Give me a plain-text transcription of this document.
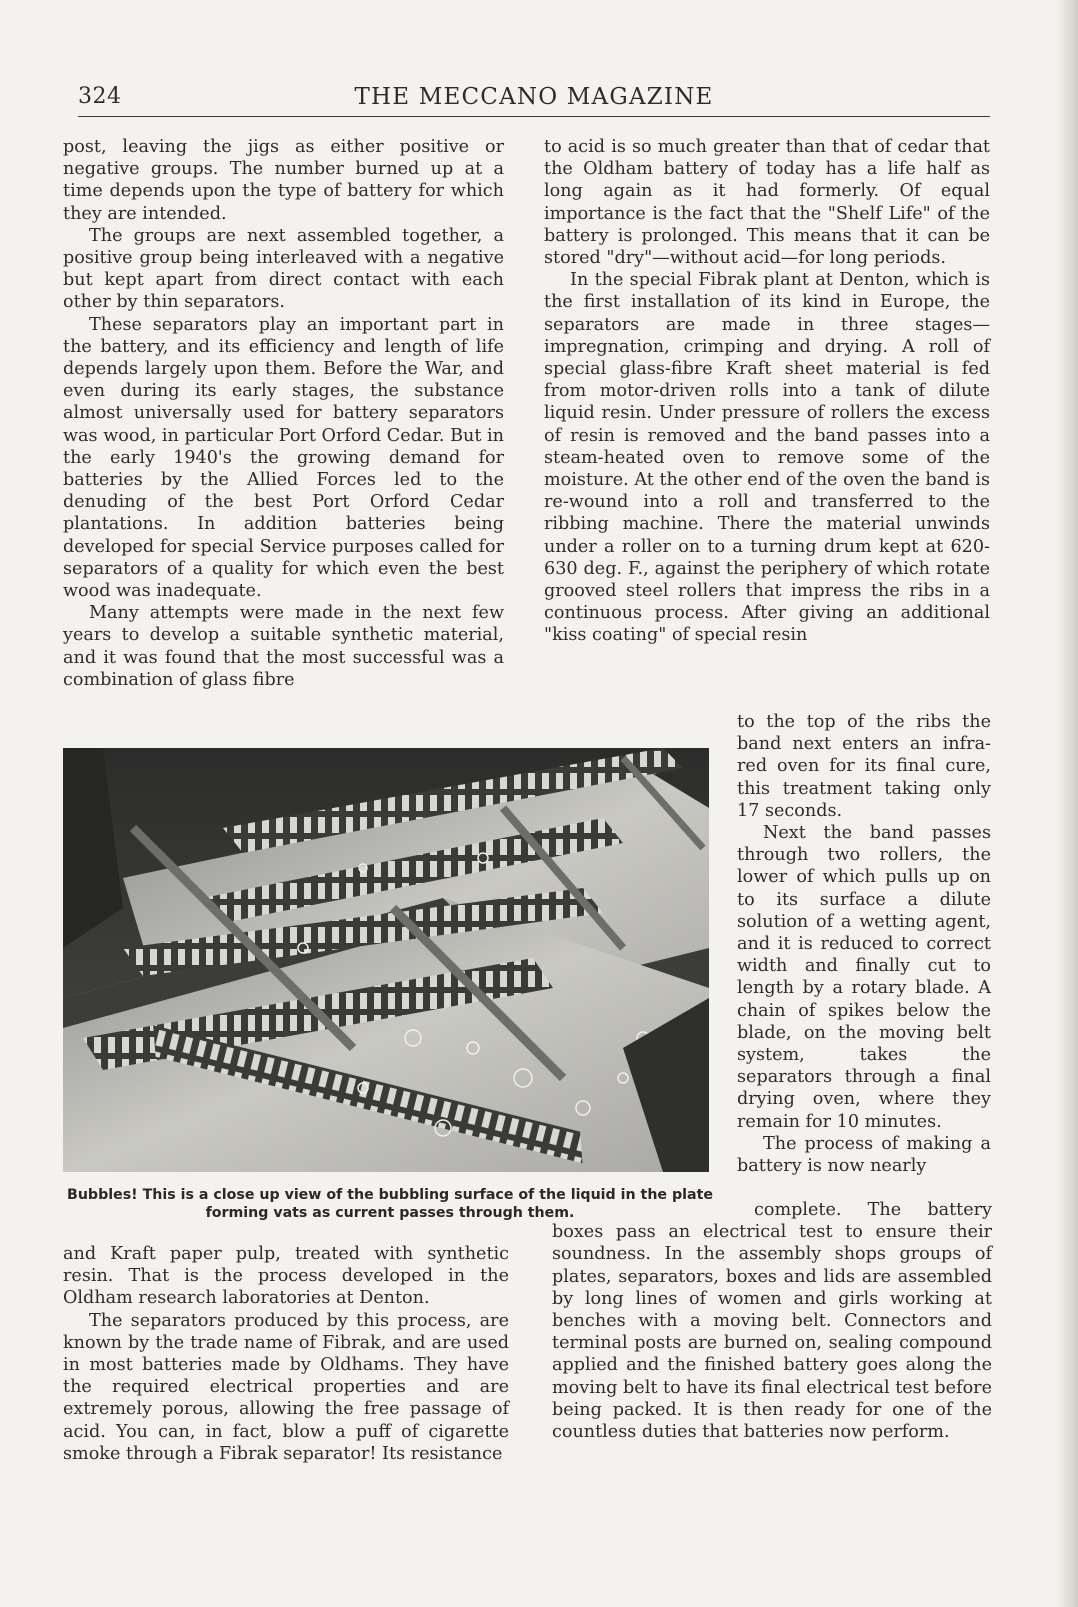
324	THE MECCANO MAGAZINE

post, leaving the jigs as either positive or negative groups. The number burned up at a time depends upon the type of battery for which they are intended.

The groups are next assembled together, a positive group being interleaved with a negative but kept apart from direct contact with each other by thin separators.

These separators play an important part in the battery, and its efficiency and length of life depends largely upon them. Before the War, and even during its early stages, the substance almost universally used for battery separators was wood, in particular Port Orford Cedar. But in the early 1940's the growing demand for batteries by the Allied Forces led to the denuding of the best Port Orford Cedar plantations. In addition batteries being developed for special Service purposes called for separators of a quality for which even the best wood was inadequate.

Many attempts were made in the next few years to develop a suitable synthetic material, and it was found that the most successful was a combination of glass fibre

to acid is so much greater than that of cedar that the Oldham battery of today has a life half as long again as it had formerly. Of equal importance is the fact that the "Shelf Life" of the battery is prolonged. This means that it can be stored "dry"—without acid—for long periods.

In the special Fibrak plant at Denton, which is the first installation of its kind in Europe, the separators are made in three stages—impregnation, crimping and drying. A roll of special glass-fibre Kraft sheet material is fed from motor-driven rolls into a tank of dilute liquid resin. Under pressure of rollers the excess of resin is removed and the band passes into a steam-heated oven to remove some of the moisture. At the other end of the oven the band is re-wound into a roll and transferred to the ribbing machine. There the material unwinds under a roller on to a turning drum kept at 620-630 deg. F., against the periphery of which rotate grooved steel rollers that impress the ribs in a continuous process. After giving an additional "kiss coating" of special resin

Bubbles! This is a close up view of the bubbling surface of the liquid in the plate forming vats as current passes through them.

to the top of the ribs the band next enters an infra-red oven for its final cure, this treatment taking only 17 seconds.

Next the band passes through two rollers, the lower of which pulls up on to its surface a dilute solution of a wetting agent, and it is reduced to correct width and finally cut to length by a rotary blade. A chain of spikes below the blade, on the moving belt system, takes the separators through a final drying oven, where they remain for 10 minutes.

The process of making a battery is now nearly

and Kraft paper pulp, treated with synthetic resin. That is the process developed in the Oldham research laboratories at Denton.

The separators produced by this process, are known by the trade name of Fibrak, and are used in most batteries made by Oldhams. They have the required electrical properties and are extremely porous, allowing the free passage of acid. You can, in fact, blow a puff of cigarette smoke through a Fibrak separator! Its resistance

complete. The battery boxes pass an electrical test to ensure their soundness. In the assembly shops groups of plates, separators, boxes and lids are assembled by long lines of women and girls working at benches with a moving belt. Connectors and terminal posts are burned on, sealing compound applied and the finished battery goes along the moving belt to have its final electrical test before being packed. It is then ready for one of the countless duties that batteries now perform.
